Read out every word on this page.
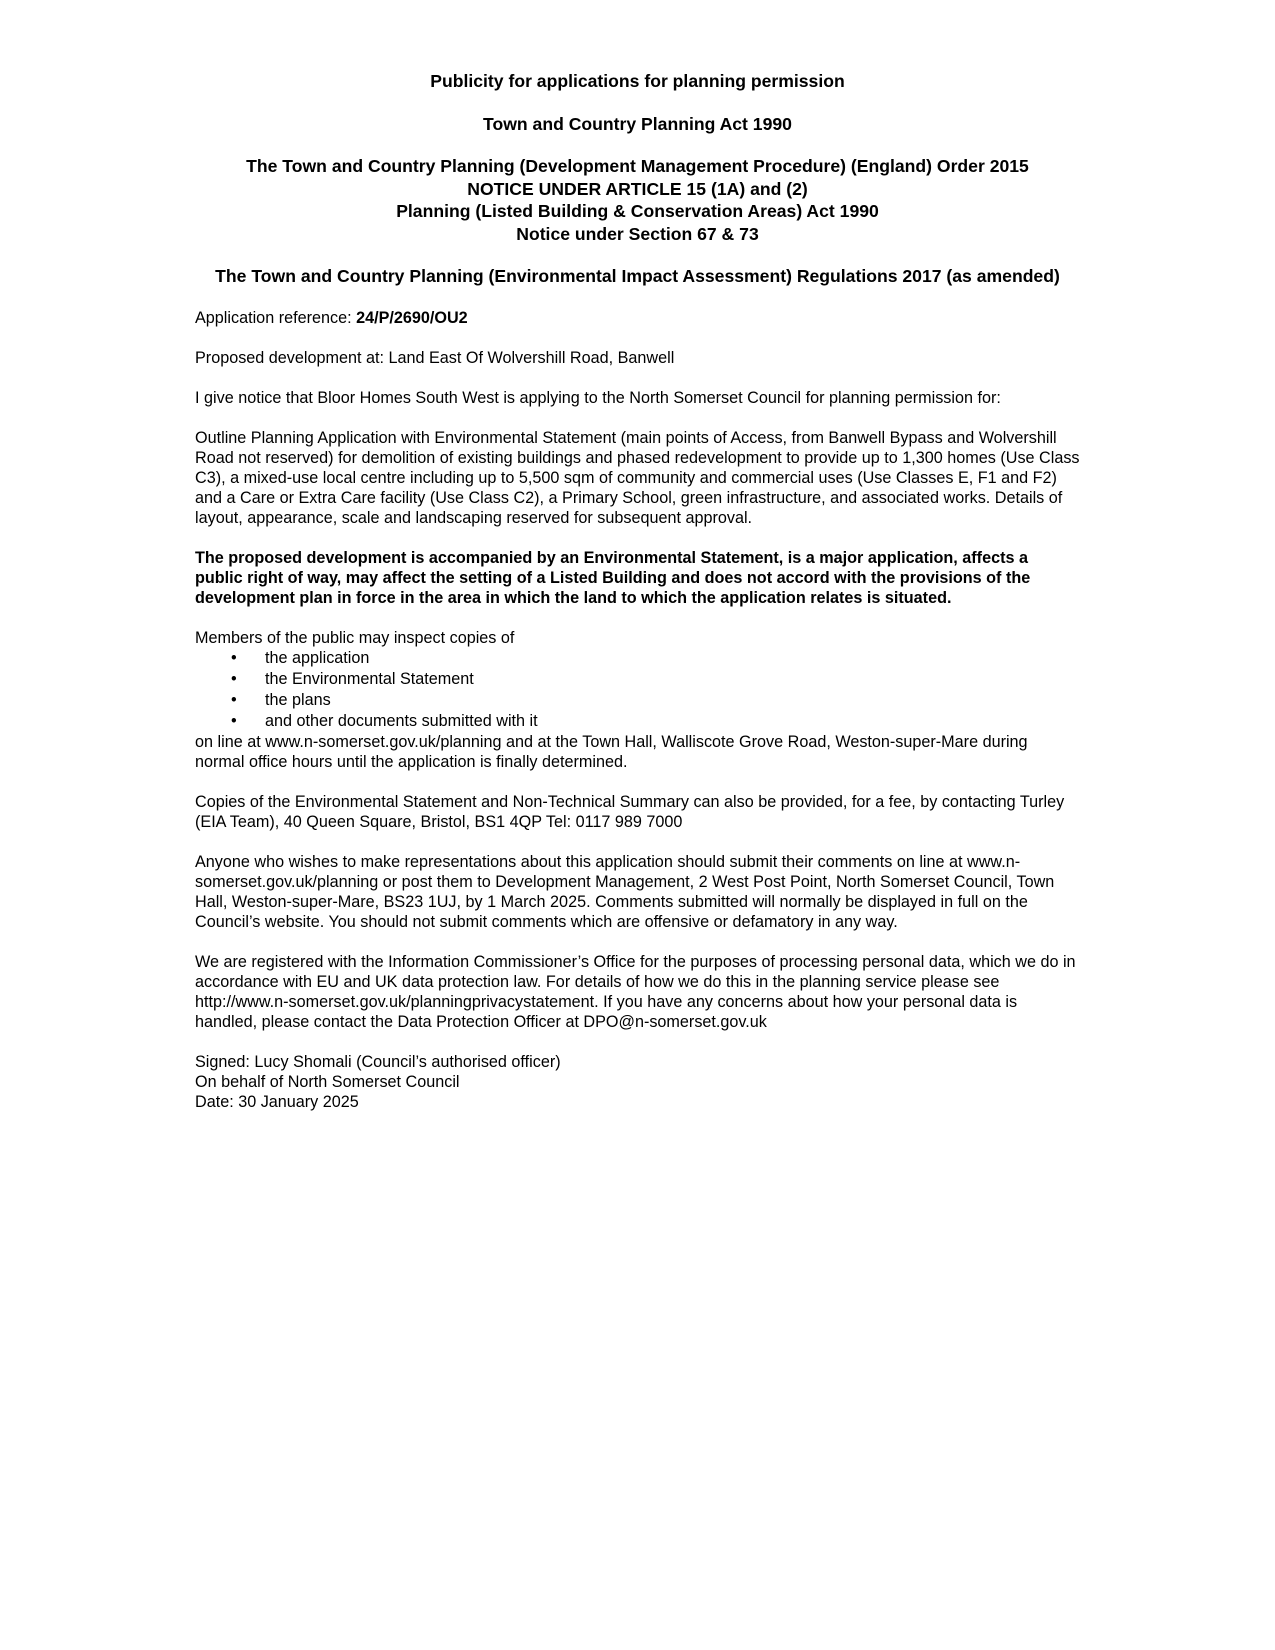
Publicity for applications for planning permission
Town and Country Planning Act 1990
The Town and Country Planning (Development Management Procedure) (England) Order 2015
NOTICE UNDER ARTICLE 15 (1A) and (2)
Planning (Listed Building & Conservation Areas) Act 1990
Notice under Section 67 & 73
The Town and Country Planning (Environmental Impact Assessment) Regulations 2017 (as amended)

Application reference: 24/P/2690/OU2

Proposed development at: Land East Of Wolvershill Road, Banwell

I give notice that Bloor Homes South West is applying to the North Somerset Council for planning permission for:

Outline Planning Application with Environmental Statement (main points of Access, from Banwell Bypass and Wolvershill Road not reserved) for demolition of existing buildings and phased redevelopment to provide up to 1,300 homes (Use Class C3), a mixed-use local centre including up to 5,500 sqm of community and commercial uses (Use Classes E, F1 and F2) and a Care or Extra Care facility (Use Class C2), a Primary School, green infrastructure, and associated works. Details of layout, appearance, scale and landscaping reserved for subsequent approval.

The proposed development is accompanied by an Environmental Statement, is a major application, affects a public right of way, may affect the setting of a Listed Building and does not accord with the provisions of the development plan in force in the area in which the land to which the application relates is situated.

Members of the public may inspect copies of
• the application
• the Environmental Statement
• the plans
• and other documents submitted with it

on line at www.n-somerset.gov.uk/planning and at the Town Hall, Walliscote Grove Road, Weston-super-Mare during normal office hours until the application is finally determined.

Copies of the Environmental Statement and Non-Technical Summary can also be provided, for a fee, by contacting Turley (EIA Team), 40 Queen Square, Bristol, BS1 4QP Tel: 0117 989 7000

Anyone who wishes to make representations about this application should submit their comments on line at www.n-somerset.gov.uk/planning or post them to Development Management, 2 West Post Point, North Somerset Council, Town Hall, Weston-super-Mare, BS23 1UJ, by 1 March 2025. Comments submitted will normally be displayed in full on the Council’s website. You should not submit comments which are offensive or defamatory in any way.

We are registered with the Information Commissioner’s Office for the purposes of processing personal data, which we do in accordance with EU and UK data protection law. For details of how we do this in the planning service please see http://www.n-somerset.gov.uk/planningprivacystatement. If you have any concerns about how your personal data is handled, please contact the Data Protection Officer at DPO@n-somerset.gov.uk

Signed: Lucy Shomali (Council’s authorised officer)

On behalf of North Somerset Council

Date: 30 January 2025
